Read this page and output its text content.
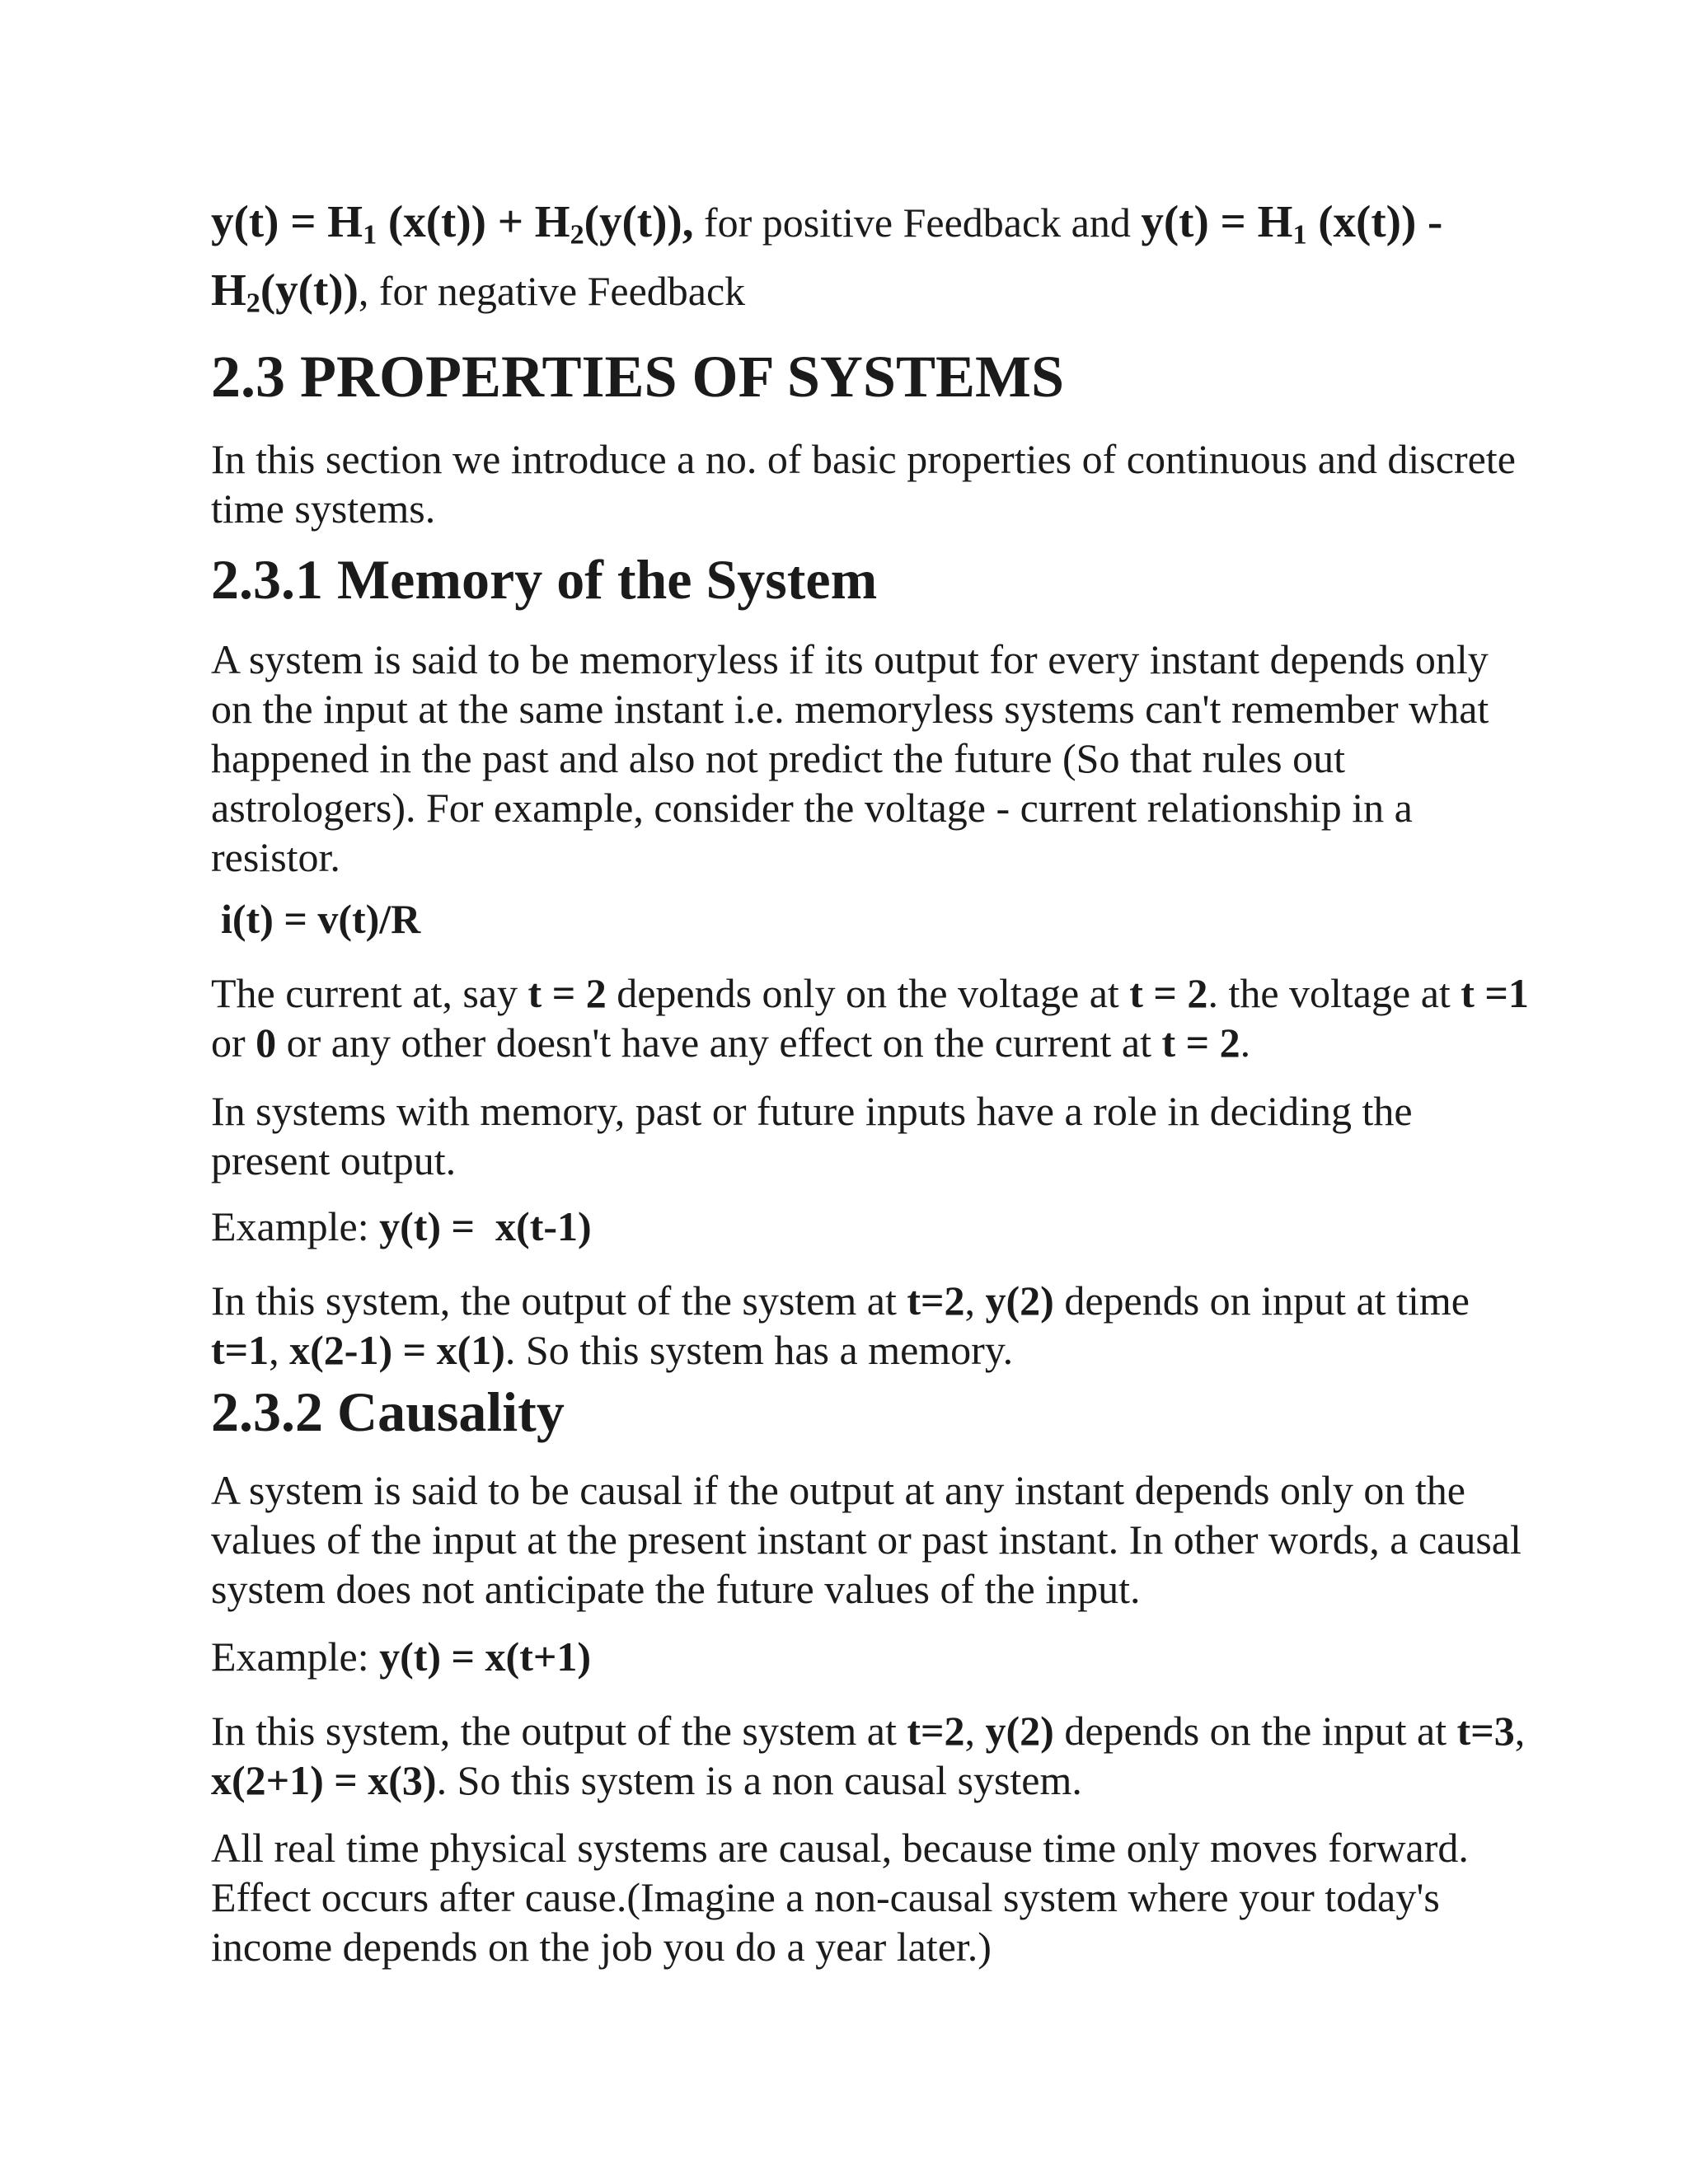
$y(t) = H_1$ $(x(t)) + H_2(y(t))$, for positive Feedback and $y(t) = H_1$ (x(t)) -
$H_2(y(t))$, for negative Feedback

2.3 PROPERTIES OF SYSTEMS

In this section we introduce a no. of basic properties of continuous and discrete time systems.

2.3.1 Memory of the System

A system is said to be memoryless if its output for every instant depends only on the input at the same instant i.e. memoryless systems can't remember what happened in the past and also not predict the future (So that rules out astrologers). For example, consider the voltage - current relationship in a resistor.

i(t) = v(t)/R

The current at, say t = 2 depends only on the voltage at t = 2. the voltage at t =1 or 0 or any other doesn't have any effect on the current at t = 2.

In systems with memory, past or future inputs have a role in deciding the present output.

Example: y(t) =  x(t-1)

In this system, the output of the system at t=2, y(2) depends on input at time t=1, x(2-1) = x(1). So this system has a memory.

2.3.2 Causality

A system is said to be causal if the output at any instant depends only on the values of the input at the present instant or past instant. In other words, a causal system does not anticipate the future values of the input.

Example: y(t) = x(t+1)

In this system, the output of the system at t=2, y(2) depends on the input at t=3, x(2+1) = x(3). So this system is a non causal system.

All real time physical systems are causal, because time only moves forward. Effect occurs after cause.(Imagine a non-causal system where your today's income depends on the job you do a year later.)
